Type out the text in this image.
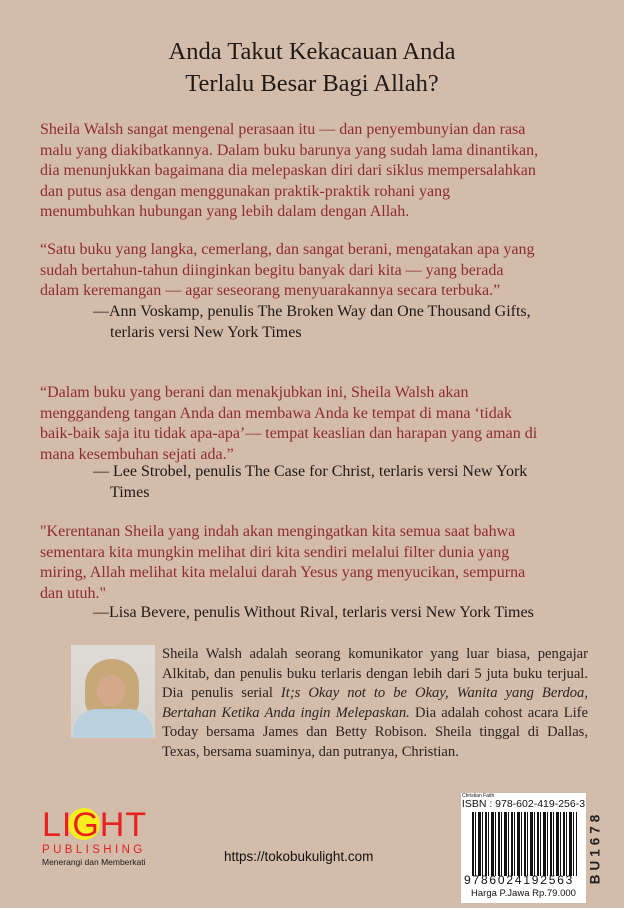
Anda Takut Kekacauan Anda
Terlalu Besar Bagi Allah?
Sheila Walsh sangat mengenal perasaan itu — dan penyembunyian dan rasa
malu yang diakibatkannya. Dalam buku barunya yang sudah lama dinantikan,
dia menunjukkan bagaimana dia melepaskan diri dari siklus mempersalahkan
dan putus asa dengan menggunakan praktik-praktik rohani yang
menumbuhkan hubungan yang lebih dalam dengan Allah.
“Satu buku yang langka, cemerlang, dan sangat berani, mengatakan apa yang
sudah bertahun-tahun diinginkan begitu banyak dari kita — yang berada
dalam keremangan — agar seseorang menyuarakannya secara terbuka.”
—Ann Voskamp, penulis The Broken Way dan One Thousand Gifts,
terlaris versi New York Times
“Dalam buku yang berani dan menakjubkan ini, Sheila Walsh akan
menggandeng tangan Anda dan membawa Anda ke tempat di mana ‘tidak
baik-baik saja itu tidak apa-apa’— tempat keaslian dan harapan yang aman di
mana kesembuhan sejati ada.”
— Lee Strobel, penulis The Case for Christ, terlaris versi New York
Times
"Kerentanan Sheila yang indah akan mengingatkan kita semua saat bahwa
sementara kita mungkin melihat diri kita sendiri melalui filter dunia yang
miring, Allah melihat kita melalui darah Yesus yang menyucikan, sempurna
dan utuh."
—Lisa Bevere, penulis Without Rival, terlaris versi New York Times
Sheila Walsh adalah seorang komunikator yang luar biasa, pengajar Alkitab, dan penulis buku terlaris dengan lebih dari 5 juta buku terjual. Dia penulis serial It;s Okay not to be Okay, Wanita yang Berdoa, Bertahan Ketika Anda ingin Melepaskan. Dia adalah cohost acara Life Today bersama James dan Betty Robison. Sheila tinggal di Dallas, Texas, bersama suaminya, dan putranya, Christian.
LIGHT
PUBLISHING
Menerangi dan Memberkati	https://tokobukulight.com
Christian Faith
ISBN : 978-602-419-256-3
9786024192563
Harga P.Jawa Rp.79.000
BU1678
